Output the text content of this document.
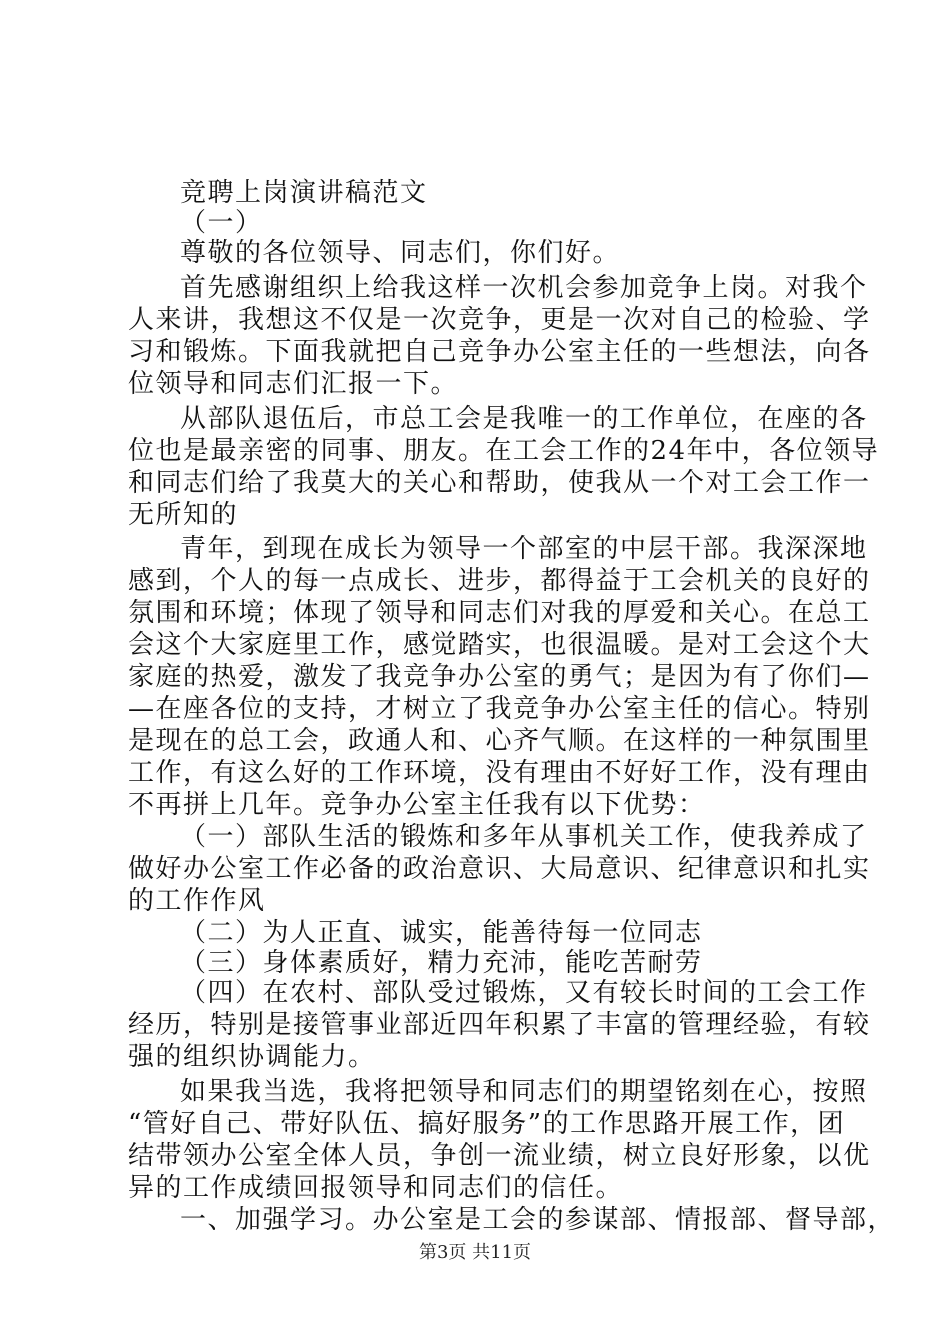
竞聘上岗演讲稿范文
（一）
尊敬的各位领导、同志们，你们好。
首先感谢组织上给我这样一次机会参加竞争上岗。对我个
人来讲，我想这不仅是一次竞争，更是一次对自己的检验、学
习和锻炼。下面我就把自己竞争办公室主任的一些想法，向各
位领导和同志们汇报一下。
从部队退伍后，市总工会是我唯一的工作单位，在座的各
位也是最亲密的同事、朋友。在工会工作的24年中，各位领导
和同志们给了我莫大的关心和帮助，使我从一个对工会工作一
无所知的
青年，到现在成长为领导一个部室的中层干部。我深深地
感到，个人的每一点成长、进步，都得益于工会机关的良好的
氛围和环境；体现了领导和同志们对我的厚爱和关心。在总工
会这个大家庭里工作，感觉踏实，也很温暖。是对工会这个大
家庭的热爱，激发了我竞争办公室的勇气；是因为有了你们—
—在座各位的支持，才树立了我竞争办公室主任的信心。特别
是现在的总工会，政通人和、心齐气顺。在这样的一种氛围里
工作，有这么好的工作环境，没有理由不好好工作，没有理由
不再拼上几年。竞争办公室主任我有以下优势：
（一）部队生活的锻炼和多年从事机关工作，使我养成了
做好办公室工作必备的政治意识、大局意识、纪律意识和扎实
的工作作风
（二）为人正直、诚实，能善待每一位同志
（三）身体素质好，精力充沛，能吃苦耐劳
（四）在农村、部队受过锻炼，又有较长时间的工会工作
经历，特别是接管事业部近四年积累了丰富的管理经验，有较
强的组织协调能力。
如果我当选，我将把领导和同志们的期望铭刻在心，按照
“管好自己、带好队伍、搞好服务”的工作思路开展工作，团
结带领办公室全体人员，争创一流业绩，树立良好形象，以优
异的工作成绩回报领导和同志们的信任。
一、加强学习。办公室是工会的参谋部、情报部、督导部，
第3页 共11页
